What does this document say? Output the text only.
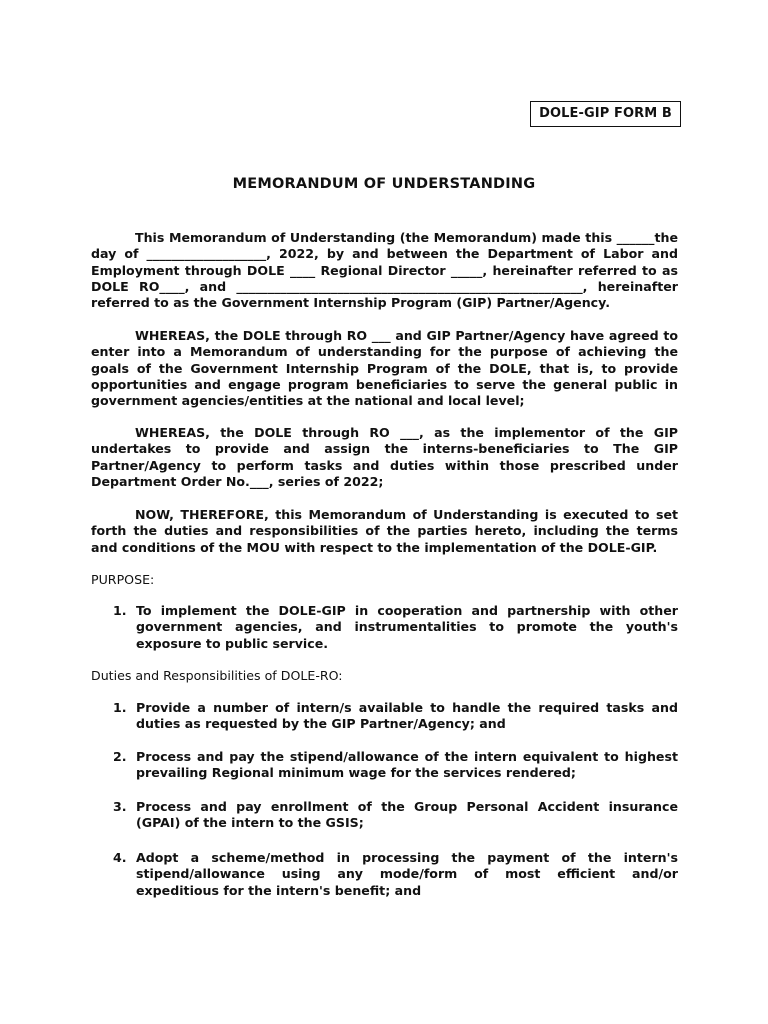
DOLE-GIP FORM B
MEMORANDUM OF UNDERSTANDING
This Memorandum of Understanding (the Memorandum) made this ______the day of ___________________, 2022, by and between the Department of Labor and Employment through DOLE ____ Regional Director _____, hereinafter referred to as DOLE RO____, and _______________________________________________________, hereinafter referred to as the Government Internship Program (GIP) Partner/Agency.
WHEREAS, the DOLE through RO ___ and GIP Partner/Agency have agreed to enter into a Memorandum of understanding for the purpose of achieving the goals of the Government Internship Program of the DOLE, that is, to provide opportunities and engage program beneficiaries to serve the general public in government agencies/entities at the national and local level;
WHEREAS, the DOLE through RO ___, as the implementor of the GIP undertakes to provide and assign the interns-beneficiaries to The GIP Partner/Agency to perform tasks and duties within those prescribed under Department Order No.___, series of 2022;
NOW, THEREFORE, this Memorandum of Understanding is executed to set forth the duties and responsibilities of the parties hereto, including the terms and conditions of the MOU with respect to the implementation of the DOLE-GIP.
PURPOSE:
1. To implement the DOLE-GIP in cooperation and partnership with other government agencies, and instrumentalities to promote the youth's exposure to public service.
Duties and Responsibilities of DOLE-RO:
1. Provide a number of intern/s available to handle the required tasks and duties as requested by the GIP Partner/Agency; and
2. Process and pay the stipend/allowance of the intern equivalent to highest prevailing Regional minimum wage for the services rendered;
3. Process and pay enrollment of the Group Personal Accident insurance (GPAI) of the intern to the GSIS;
4. Adopt a scheme/method in processing the payment of the intern's stipend/allowance using any mode/form of most efficient and/or expeditious for the intern's benefit; and
